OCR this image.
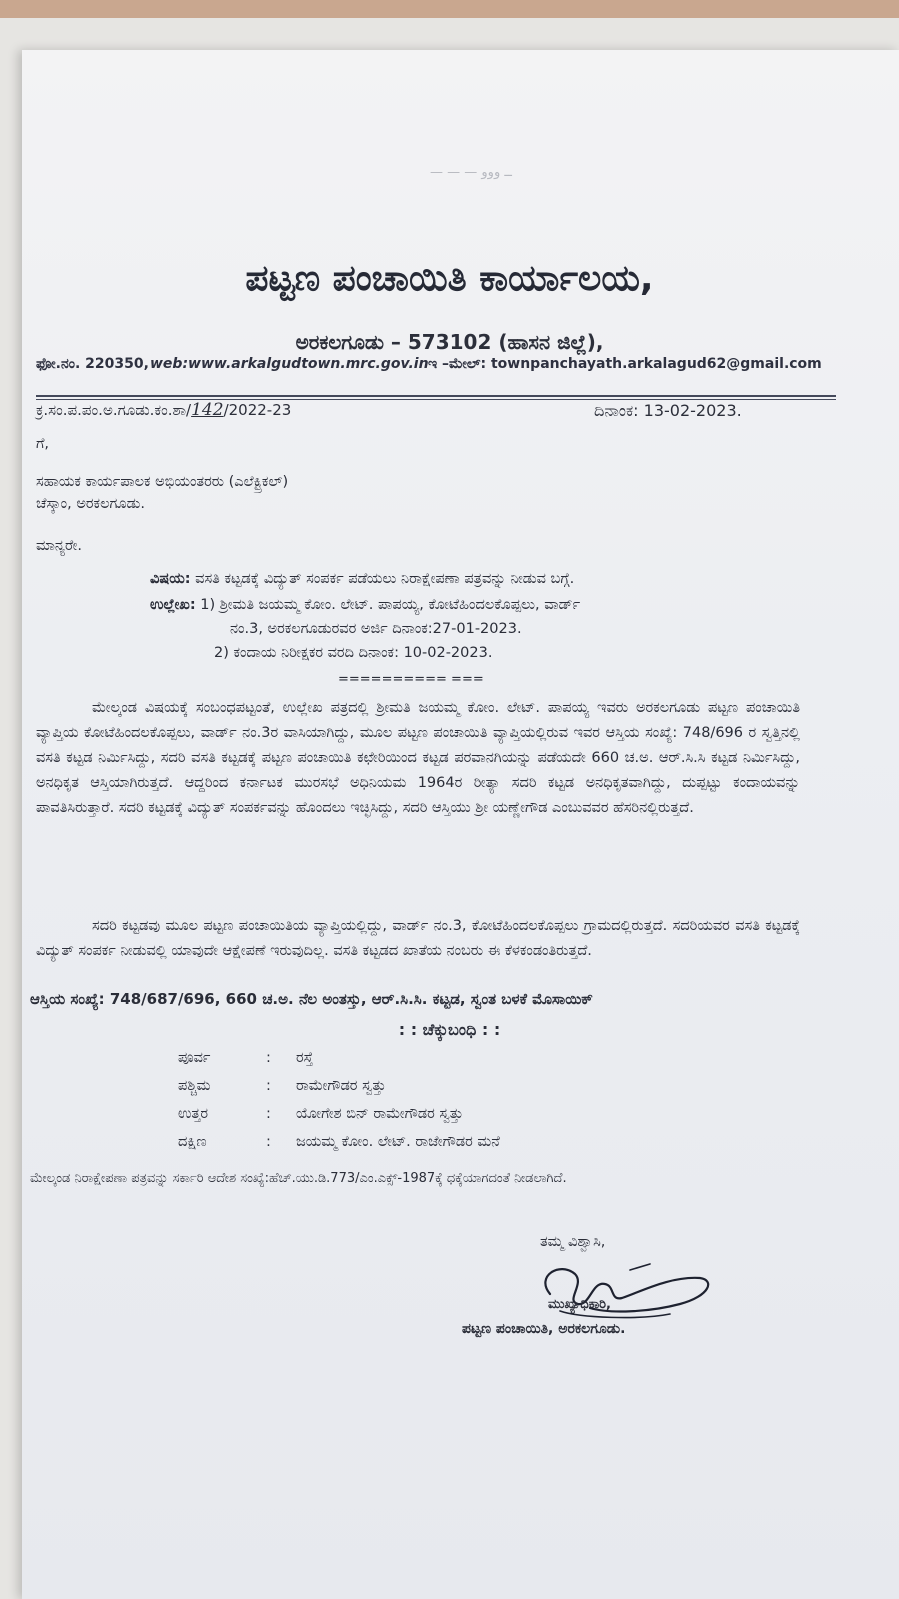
— — — ــ ووو
ಪಟ್ಟಣ ಪಂಚಾಯಿತಿ ಕಾರ್ಯಾಲಯ,
ಅರಕಲಗೂಡು – 573102 (ಹಾಸನ ಜಿಲ್ಲೆ),
ಫೋ.ನಂ. 220350, web:www.arkalgudtown.mrc.gov.in ಇ –ಮೇಲ್: townpanchayath.arkalagud62@gmail.com
ಕ್ರ.ಸಂ.ಪ.ಪಂ.ಅ.ಗೂಡು.ಕಂ.ಶಾ/142/2022-23	ದಿನಾಂಕ: 13-02-2023.
ಗೆ,
ಸಹಾಯಕ ಕಾರ್ಯಪಾಲಕ ಅಭಿಯಂತರರು (ಎಲೆಕ್ಟ್ರಿಕಲ್)
ಚೆಸ್ಕಾಂ, ಅರಕಲಗೂಡು.
ಮಾನ್ಯರೇ.
ವಿಷಯ: ವಸತಿ ಕಟ್ಟಡಕ್ಕೆ ವಿದ್ಯುತ್ ಸಂಪರ್ಕ ಪಡೆಯಲು ನಿರಾಕ್ಷೇಪಣಾ ಪತ್ರವನ್ನು ನೀಡುವ ಬಗ್ಗೆ.
ಉಲ್ಲೇಖ: 1) ಶ್ರೀಮತಿ ಜಯಮ್ಮ ಕೋಂ. ಲೇಟ್. ಪಾಪಯ್ಯ, ಕೋಟೆಹಿಂದಲಕೊಪ್ಪಲು, ವಾರ್ಡ್
ನಂ.3, ಅರಕಲಗೂಡುರವರ ಅರ್ಜಿ ದಿನಾಂಕ:27-01-2023.
2) ಕಂದಾಯ ನಿರೀಕ್ಷಕರ ವರದಿ ದಿನಾಂಕ: 10-02-2023.
========== ===
ಮೇಲ್ಕಂಡ ವಿಷಯಕ್ಕೆ ಸಂಬಂಧಪಟ್ಟಂತೆ, ಉಲ್ಲೇಖ ಪತ್ರದಲ್ಲಿ ಶ್ರೀಮತಿ ಜಯಮ್ಮ ಕೋಂ. ಲೇಟ್. ಪಾಪಯ್ಯ ಇವರು ಅರಕಲಗೂಡು ಪಟ್ಟಣ ಪಂಚಾಯಿತಿ ವ್ಯಾಪ್ತಿಯ ಕೋಟೆಹಿಂದಲಕೊಪ್ಪಲು, ವಾರ್ಡ್ ನಂ.3ರ ವಾಸಿಯಾಗಿದ್ದು, ಮೂಲ ಪಟ್ಟಣ ಪಂಚಾಯಿತಿ ವ್ಯಾಪ್ತಿಯಲ್ಲಿರುವ ಇವರ ಆಸ್ತಿಯ ಸಂಖ್ಯೆ: 748/696 ರ ಸ್ವತ್ತಿನಲ್ಲಿ ವಸತಿ ಕಟ್ಟಡ ನಿರ್ಮಿಸಿದ್ದು, ಸದರಿ ವಸತಿ ಕಟ್ಟಡಕ್ಕೆ ಪಟ್ಟಣ ಪಂಚಾಯಿತಿ ಕಛೇರಿಯಿಂದ ಕಟ್ಟಡ ಪರವಾನಗಿಯನ್ನು ಪಡೆಯದೇ 660 ಚ.ಅ. ಆರ್.ಸಿ.ಸಿ ಕಟ್ಟಡ ನಿರ್ಮಿಸಿದ್ದು, ಅನಧಿಕೃತ ಆಸ್ತಿಯಾಗಿರುತ್ತದೆ. ಆದ್ದರಿಂದ ಕರ್ನಾಟಕ ಮುರಸಭೆ ಅಧಿನಿಯಮ 1964ರ ರೀತ್ಯಾ ಸದರಿ ಕಟ್ಟಡ ಅನಧಿಕೃತವಾಗಿದ್ದು, ದುಪ್ಪಟ್ಟು ಕಂದಾಯವನ್ನು ಪಾವತಿಸಿರುತ್ತಾರೆ. ಸದರಿ ಕಟ್ಟಡಕ್ಕೆ ವಿದ್ಯುತ್ ಸಂಪರ್ಕವನ್ನು ಹೊಂದಲು ಇಚ್ಛಿಸಿದ್ದು, ಸದರಿ ಆಸ್ತಿಯು ಶ್ರೀ ಯಣ್ಣೇಗೌಡ ಎಂಬುವವರ ಹೆಸರಿನಲ್ಲಿರುತ್ತದೆ.
ಸದರಿ ಕಟ್ಟಡವು ಮೂಲ ಪಟ್ಟಣ ಪಂಚಾಯಿತಿಯ ವ್ಯಾಪ್ತಿಯಲ್ಲಿದ್ದು, ವಾರ್ಡ್ ನಂ.3, ಕೋಟೆಹಿಂದಲಕೊಪ್ಪಲು ಗ್ರಾಮದಲ್ಲಿರುತ್ತದೆ. ಸದರಿಯವರ ವಸತಿ ಕಟ್ಟಡಕ್ಕೆ ವಿದ್ಯುತ್ ಸಂಪರ್ಕ ನೀಡುವಲ್ಲಿ ಯಾವುದೇ ಆಕ್ಷೇಪಣೆ ಇರುವುದಿಲ್ಲ. ವಸತಿ ಕಟ್ಟಡದ ಖಾತೆಯ ನಂಬರು ಈ ಕೆಳಕಂಡಂತಿರುತ್ತದೆ.
ಆಸ್ತಿಯ ಸಂಖ್ಯೆ: 748/687/696, 660 ಚ.ಅ. ನೆಲ ಅಂತಸ್ತು, ಆರ್.ಸಿ.ಸಿ. ಕಟ್ಟಡ, ಸ್ವಂತ ಬಳಕೆ ಮೊಸಾಯಿಕ್
: : ಚೆಕ್ಕುಬಂಧಿ : :
ಪೂರ್ವ	: ರಸ್ತೆ
ಪಶ್ಚಿಮ	: ರಾಮೇಗೌಡರ ಸ್ವತ್ತು
ಉತ್ತರ	: ಯೋಗೇಶ ಬಿನ್ ರಾಮೇಗೌಡರ ಸ್ವತ್ತು
ದಕ್ಷಿಣ	: ಜಯಮ್ಮ ಕೋಂ. ಲೇಟ್. ರಾಜೇಗೌಡರ ಮನೆ
ಮೇಲ್ಕಂಡ ನಿರಾಕ್ಷೇಪಣಾ ಪತ್ರವನ್ನು ಸರ್ಕಾರಿ ಆದೇಶ ಸಂಖ್ಯೆ:ಹೆಚ್.ಯು.ಡಿ.773/ಎಂ.ಎಕ್ಸ್-1987ಕ್ಕೆ ಧಕ್ಕೆಯಾಗದಂತೆ ನೀಡಲಾಗಿದೆ.
ತಮ್ಮ ವಿಶ್ವಾಸಿ,
ಮುಖ್ಯಾಧಿಕಾರಿ,
ಪಟ್ಟಣ ಪಂಚಾಯಿತಿ, ಅರಕಲಗೂಡು.
